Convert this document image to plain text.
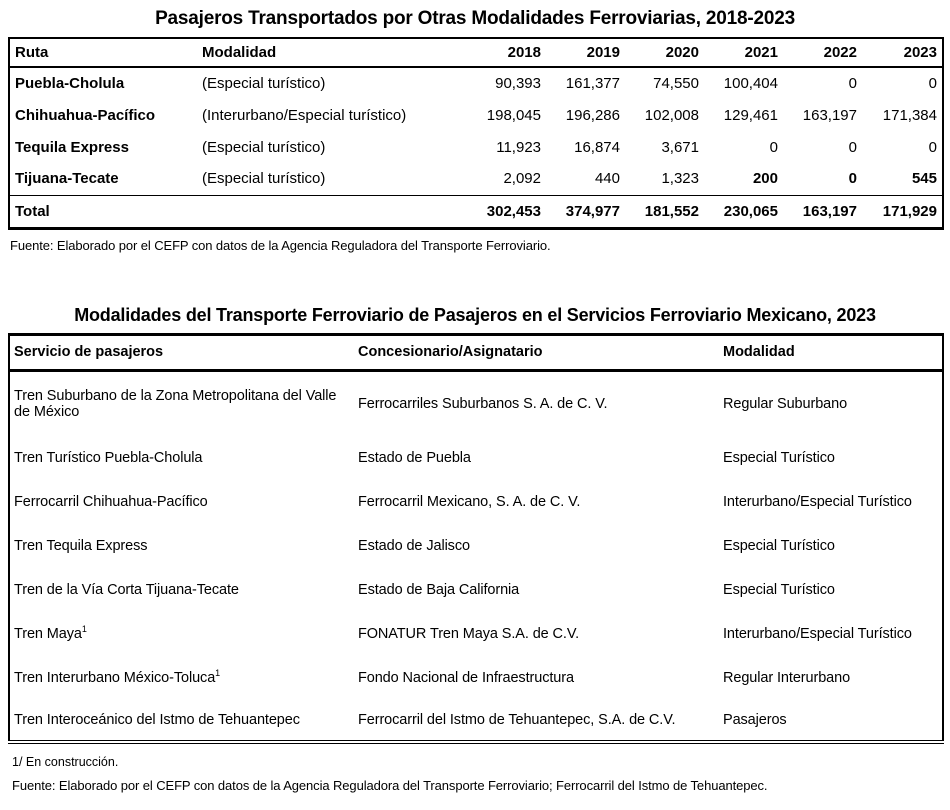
Pasajeros Transportados por Otras Modalidades Ferroviarias, 2018-2023
Ruta	Modalidad	2018	2019	2020	2021	2022	2023
Puebla-Cholula	(Especial turístico)	90,393	161,377	74,550	100,404	0	0
Chihuahua-Pacífico	(Interurbano/Especial turístico)	198,045	196,286	102,008	129,461	163,197	171,384
Tequila Express	(Especial turístico)	11,923	16,874	3,671	0	0	0
Tijuana-Tecate	(Especial turístico)	2,092	440	1,323	200	0	545
Total		302,453	374,977	181,552	230,065	163,197	171,929

Fuente: Elaborado por el CEFP con datos de la Agencia Reguladora del Transporte Ferroviario.

Modalidades del Transporte Ferroviario de Pasajeros en el Servicios Ferroviario Mexicano, 2023
Servicio de pasajeros	Concesionario/Asignatario	Modalidad
Tren Suburbano de la Zona Metropolitana del Valle de México	Ferrocarriles Suburbanos S. A. de C. V.	Regular Suburbano
Tren Turístico Puebla-Cholula	Estado de Puebla	Especial Turístico
Ferrocarril Chihuahua-Pacífico	Ferrocarril Mexicano, S. A. de C. V.	Interurbano/Especial Turístico
Tren Tequila Express	Estado de Jalisco	Especial Turístico
Tren de la Vía Corta Tijuana-Tecate	Estado de Baja California	Especial Turístico
Tren Maya$^1$	FONATUR Tren Maya S.A. de C.V.	Interurbano/Especial Turístico
Tren Interurbano México-Toluca$^1$	Fondo Nacional de Infraestructura	Regular Interurbano
Tren Interoceánico del Istmo de Tehuantepec	Ferrocarril del Istmo de Tehuantepec, S.A. de C.V.	Pasajeros

1/ En construcción.

Fuente: Elaborado por el CEFP con datos de la Agencia Reguladora del Transporte Ferroviario; Ferrocarril del Istmo de Tehuantepec.
